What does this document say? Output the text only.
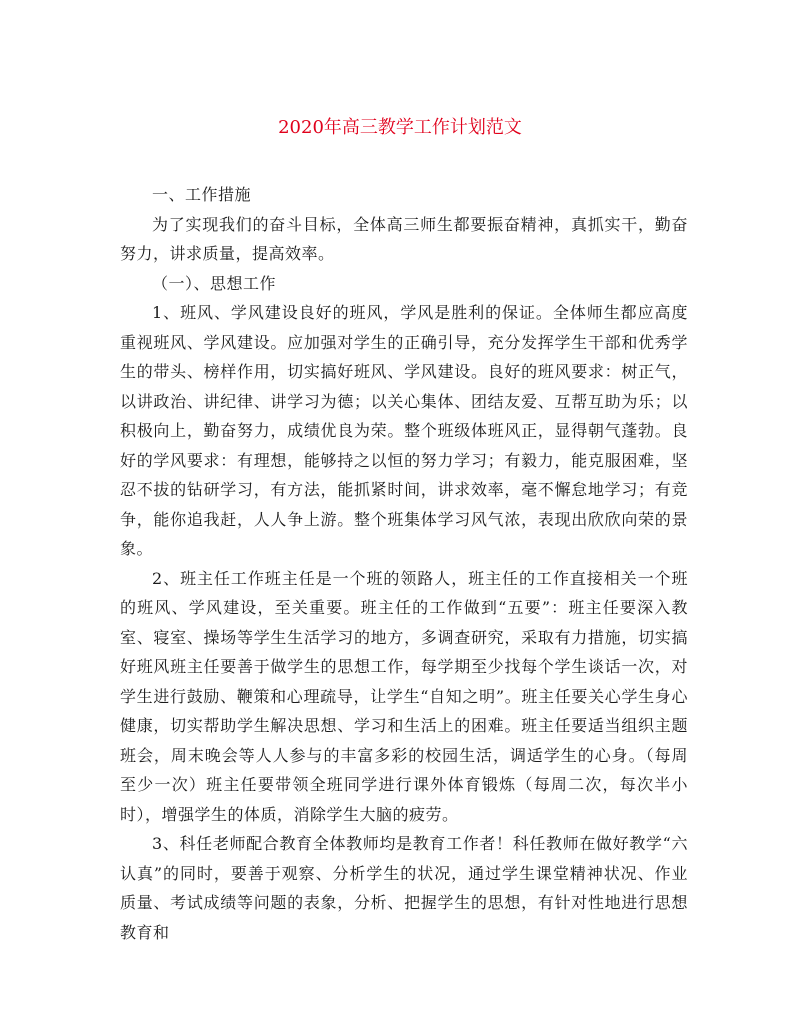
2020年高三教学工作计划范文

一、工作措施

为了实现我们的奋斗目标，全体高三师生都要振奋精神，真抓实干，勤奋努力，讲求质量，提高效率。

（一）、思想工作

1、班风、学风建设良好的班风，学风是胜利的保证。全体师生都应高度重视班风、学风建设。应加强对学生的正确引导，充分发挥学生干部和优秀学生的带头、榜样作用，切实搞好班风、学风建设。良好的班风要求：树正气，以讲政治、讲纪律、讲学习为德；以关心集体、团结友爱、互帮互助为乐；以积极向上，勤奋努力，成绩优良为荣。整个班级体班风正，显得朝气蓬勃。良好的学风要求：有理想，能够持之以恒的努力学习；有毅力，能克服困难，坚忍不拔的钻研学习，有方法，能抓紧时间，讲求效率，毫不懈怠地学习；有竞争，能你追我赶，人人争上游。整个班集体学习风气浓，表现出欣欣向荣的景象。

2、班主任工作班主任是一个班的领路人，班主任的工作直接相关一个班的班风、学风建设，至关重要。班主任的工作做到“五要”：班主任要深入教室、寝室、操场等学生生活学习的地方，多调查研究，采取有力措施，切实搞好班风班主任要善于做学生的思想工作，每学期至少找每个学生谈话一次，对学生进行鼓励、鞭策和心理疏导，让学生“自知之明”。班主任要关心学生身心健康，切实帮助学生解决思想、学习和生活上的困难。班主任要适当组织主题班会，周末晚会等人人参与的丰富多彩的校园生活，调适学生的心身。（每周至少一次）班主任要带领全班同学进行课外体育锻炼（每周二次，每次半小时），增强学生的体质，消除学生大脑的疲劳。

3、科任老师配合教育全体教师均是教育工作者！科任教师在做好教学“六认真”的同时，要善于观察、分析学生的状况，通过学生课堂精神状况、作业质量、考试成绩等问题的表象，分析、把握学生的思想，有针对性地进行思想教育和
